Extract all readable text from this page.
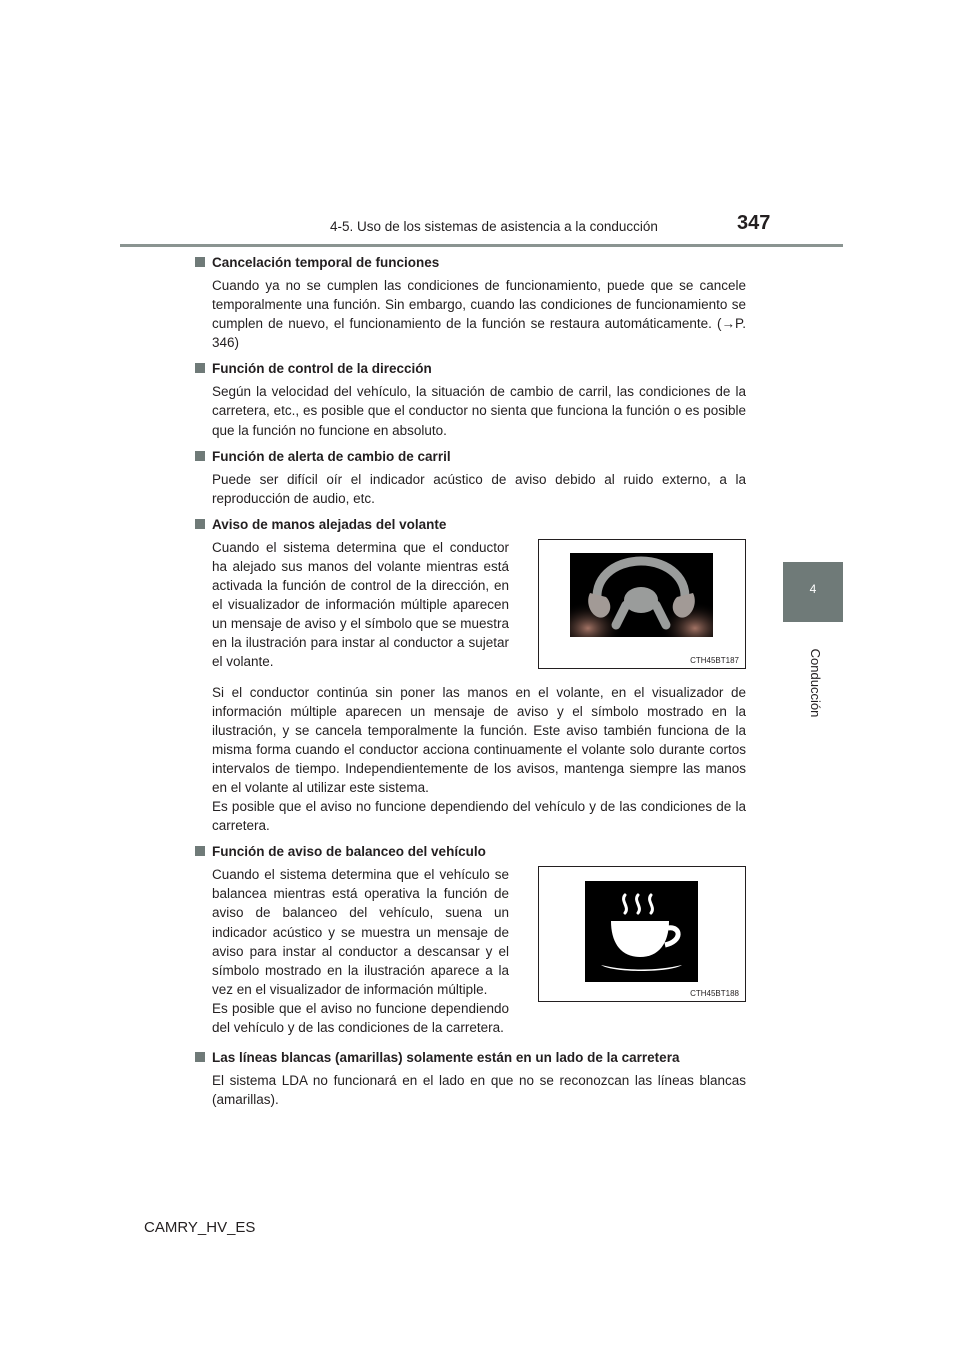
4-5. Uso de los sistemas de asistencia a la conducción	347
4
Conducción
Cancelación temporal de funciones

Cuando ya no se cumplen las condiciones de funcionamiento, puede que se cancele temporalmente una función. Sin embargo, cuando las condiciones de funcionamiento se cumplen de nuevo, el funcionamiento de la función se restaura automáticamente. (→P. 346)

Función de control de la dirección

Según la velocidad del vehículo, la situación de cambio de carril, las condiciones de la carretera, etc., es posible que el conductor no sienta que funciona la función o es posible que la función no funcione en absoluto.

Función de alerta de cambio de carril

Puede ser difícil oír el indicador acústico de aviso debido al ruido externo, a la reproducción de audio, etc.

Aviso de manos alejadas del volante

Cuando el sistema determina que el conductor ha alejado sus manos del volante mientras está activada la función de control de la dirección, en el visualizador de información múltiple aparecen un mensaje de aviso y el símbolo que se muestra en la ilustración para instar al conductor a sujetar el volante.	CTH45BT187

Si el conductor continúa sin poner las manos en el volante, en el visualizador de información múltiple aparecen un mensaje de aviso y el símbolo mostrado en la ilustración, y se cancela temporalmente la función. Este aviso también funciona de la misma forma cuando el conductor acciona continuamente el volante solo durante cortos intervalos de tiempo. Independientemente de los avisos, mantenga siempre las manos en el volante al utilizar este sistema.

Es posible que el aviso no funcione dependiendo del vehículo y de las condiciones de la carretera.

Función de aviso de balanceo del vehículo

Cuando el sistema determina que el vehículo se balancea mientras está operativa la función de aviso de balanceo del vehículo, suena un indicador acústico y se muestra un mensaje de aviso para instar al conductor a descansar y el símbolo mostrado en la ilustración aparece a la vez en el visualizador de información múltiple.

Es posible que el aviso no funcione dependiendo del vehículo y de las condiciones de la carretera.

CTH45BT188
Las líneas blancas (amarillas) solamente están en un lado de la carretera

El sistema LDA no funcionará en el lado en que no se reconozcan las líneas blancas (amarillas).

CAMRY_HV_ES
